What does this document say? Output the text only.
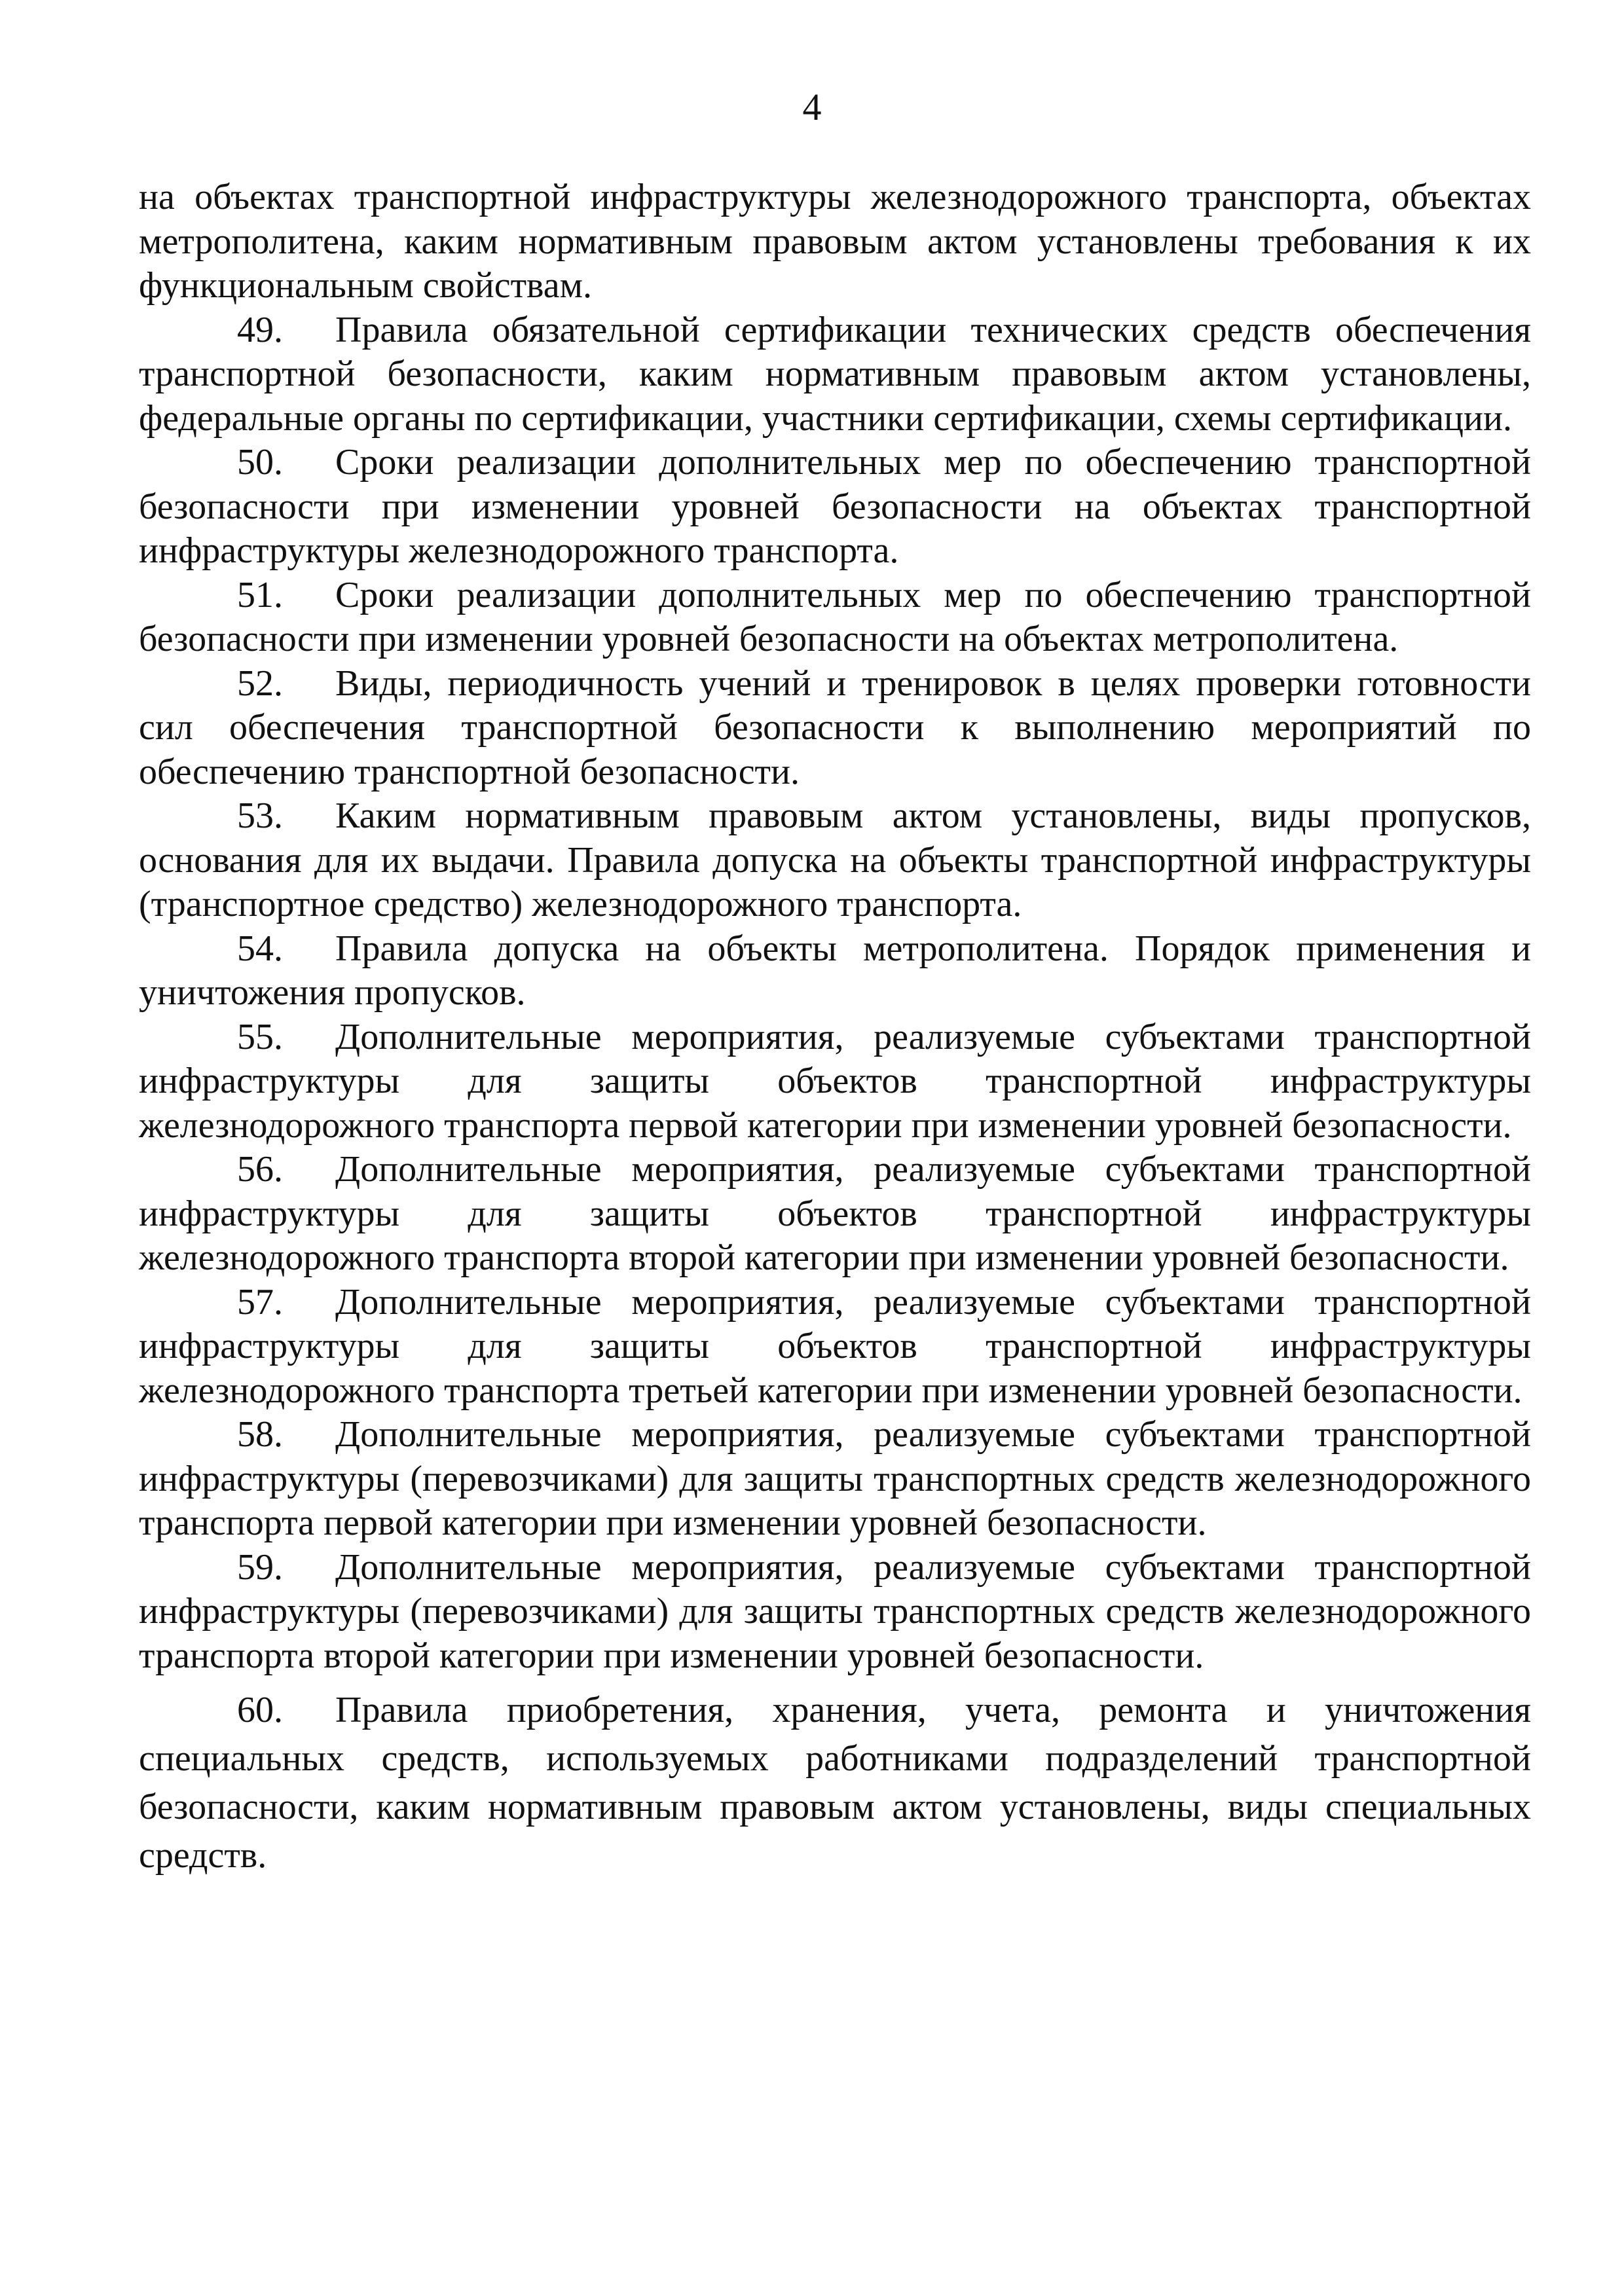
4

на объектах транспортной инфраструктуры железнодорожного транспорта, объектах метрополитена, каким нормативным правовым актом установлены требования к их функциональным свойствам.

49. Правила обязательной сертификации технических средств обеспечения транспортной безопасности, каким нормативным правовым актом установлены, федеральные органы по сертификации, участники сертификации, схемы сертификации.

50. Сроки реализации дополнительных мер по обеспечению транспортной безопасности при изменении уровней безопасности на объектах транспортной инфраструктуры железнодорожного транспорта.

51. Сроки реализации дополнительных мер по обеспечению транспортной безопасности при изменении уровней безопасности на объектах метрополитена.

52. Виды, периодичность учений и тренировок в целях проверки готовности сил обеспечения транспортной безопасности к выполнению мероприятий по обеспечению транспортной безопасности.

53. Каким нормативным правовым актом установлены, виды пропусков, основания для их выдачи. Правила допуска на объекты транспортной инфраструктуры (транспортное средство) железнодорожного транспорта.

54. Правила допуска на объекты метрополитена. Порядок применения и уничтожения пропусков.

55. Дополнительные мероприятия, реализуемые субъектами транспортной инфраструктуры для защиты объектов транспортной инфраструктуры железнодорожного транспорта первой категории при изменении уровней безопасности.

56. Дополнительные мероприятия, реализуемые субъектами транспортной инфраструктуры для защиты объектов транспортной инфраструктуры железнодорожного транспорта второй категории при изменении уровней безопасности.

57. Дополнительные мероприятия, реализуемые субъектами транспортной инфраструктуры для защиты объектов транспортной инфраструктуры железнодорожного транспорта третьей категории при изменении уровней безопасности.

58. Дополнительные мероприятия, реализуемые субъектами транспортной инфраструктуры (перевозчиками) для защиты транспортных средств железнодорожного транспорта первой категории при изменении уровней безопасности.

59. Дополнительные мероприятия, реализуемые субъектами транспортной инфраструктуры (перевозчиками) для защиты транспортных средств железнодорожного транспорта второй категории при изменении уровней безопасности.

60. Правила приобретения, хранения, учета, ремонта и уничтожения специальных средств, используемых работниками подразделений транспортной безопасности, каким нормативным правовым актом установлены, виды специальных средств.
